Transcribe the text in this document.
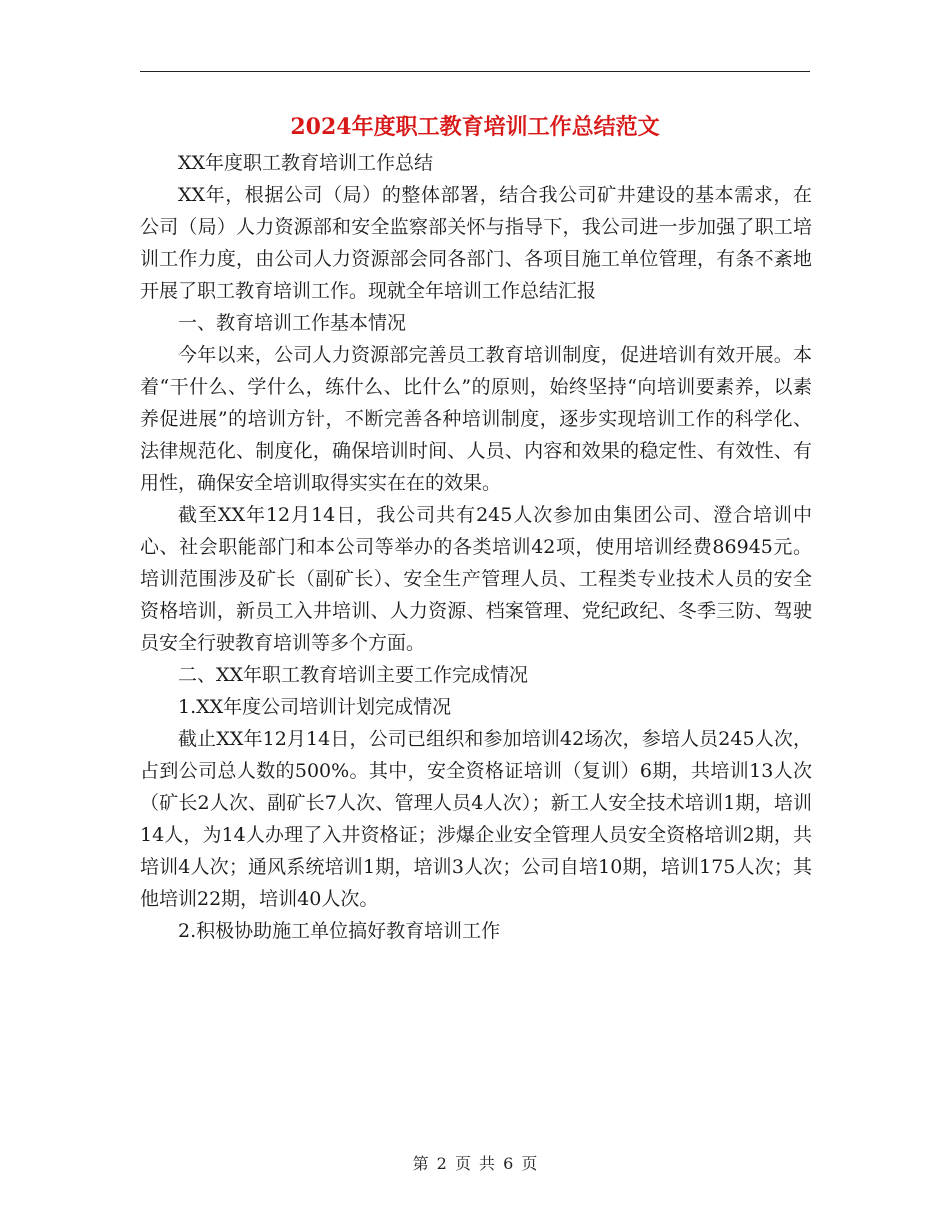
2024年度职工教育培训工作总结范文

XX年度职工教育培训工作总结

XX年，根据公司（局）的整体部署，结合我公司矿井建设的基本需求，在公司（局）人力资源部和安全监察部关怀与指导下，我公司进一步加强了职工培训工作力度，由公司人力资源部会同各部门、各项目施工单位管理，有条不紊地开展了职工教育培训工作。现就全年培训工作总结汇报

一、教育培训工作基本情况

今年以来，公司人力资源部完善员工教育培训制度，促进培训有效开展。本着“干什么、学什么，练什么、比什么”的原则，始终坚持“向培训要素养，以素养促进展”的培训方针，不断完善各种培训制度，逐步实现培训工作的科学化、法律规范化、制度化，确保培训时间、人员、内容和效果的稳定性、有效性、有用性，确保安全培训取得实实在在的效果。

截至XX年12月14日，我公司共有245人次参加由集团公司、澄合培训中心、社会职能部门和本公司等举办的各类培训42项，使用培训经费86945元。培训范围涉及矿长（副矿长）、安全生产管理人员、工程类专业技术人员的安全资格培训，新员工入井培训、人力资源、档案管理、党纪政纪、冬季三防、驾驶员安全行驶教育培训等多个方面。

二、XX年职工教育培训主要工作完成情况

1.XX年度公司培训计划完成情况

截止XX年12月14日，公司已组织和参加培训42场次，参培人员245人次，占到公司总人数的500%。其中，安全资格证培训（复训）6期，共培训13人次（矿长2人次、副矿长7人次、管理人员4人次）；新工人安全技术培训1期，培训14人，为14人办理了入井资格证；涉爆企业安全管理人员安全资格培训2期，共培训4人次；通风系统培训1期，培训3人次；公司自培10期，培训175人次；其他培训22期，培训40人次。

2.积极协助施工单位搞好教育培训工作

第 2 页 共 6 页
